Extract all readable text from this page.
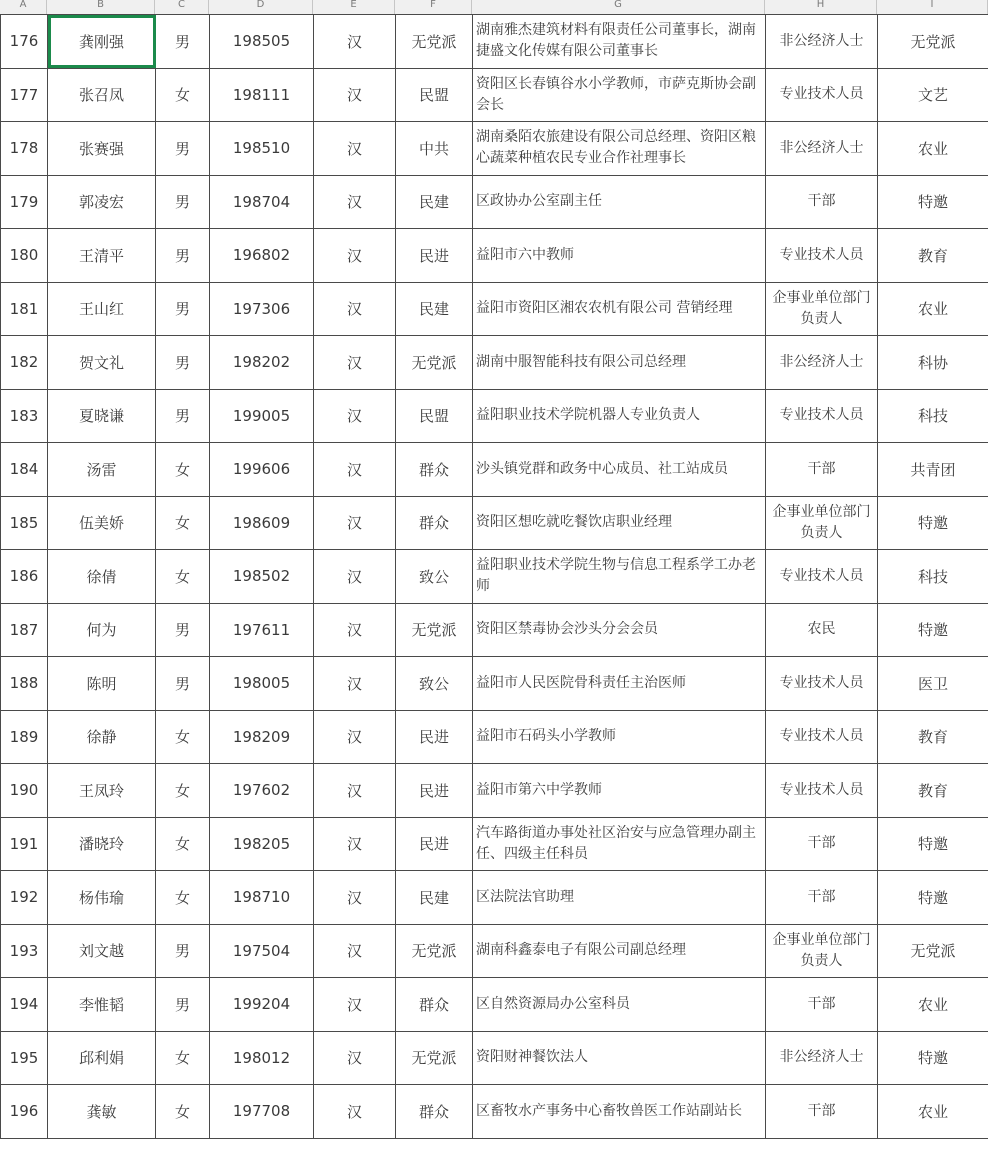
A	B	C	D	E	F	G	H	I
176	龚刚强	男	198505	汉	无党派	湖南雅杰建筑材料有限责任公司董事长，湖南捷盛文化传媒有限公司董事长	非公经济人士	无党派
177	张召凤	女	198111	汉	民盟	资阳区长春镇谷水小学教师，市萨克斯协会副会长	专业技术人员	文艺
178	张赛强	男	198510	汉	中共	湖南桑陌农旅建设有限公司总经理、资阳区粮心蔬菜种植农民专业合作社理事长	非公经济人士	农业
179	郭凌宏	男	198704	汉	民建	区政协办公室副主任	干部	特邀
180	王清平	男	196802	汉	民进	益阳市六中教师	专业技术人员	教育
181	王山红	男	197306	汉	民建	益阳市资阳区湘农农机有限公司 营销经理	企事业单位部门负责人	农业
182	贺文礼	男	198202	汉	无党派	湖南中服智能科技有限公司总经理	非公经济人士	科协
183	夏晓谦	男	199005	汉	民盟	益阳职业技术学院机器人专业负责人	专业技术人员	科技
184	汤雷	女	199606	汉	群众	沙头镇党群和政务中心成员、社工站成员	干部	共青团
185	伍美娇	女	198609	汉	群众	资阳区想吃就吃餐饮店职业经理	企事业单位部门负责人	特邀
186	徐倩	女	198502	汉	致公	益阳职业技术学院生物与信息工程系学工办老师	专业技术人员	科技
187	何为	男	197611	汉	无党派	资阳区禁毒协会沙头分会会员	农民	特邀
188	陈明	男	198005	汉	致公	益阳市人民医院骨科责任主治医师	专业技术人员	医卫
189	徐静	女	198209	汉	民进	益阳市石码头小学教师	专业技术人员	教育
190	王凤玲	女	197602	汉	民进	益阳市第六中学教师	专业技术人员	教育
191	潘晓玲	女	198205	汉	民进	汽车路街道办事处社区治安与应急管理办副主任、四级主任科员	干部	特邀
192	杨伟瑜	女	198710	汉	民建	区法院法官助理	干部	特邀
193	刘文越	男	197504	汉	无党派	湖南科鑫泰电子有限公司副总经理	企事业单位部门负责人	无党派
194	李惟韬	男	199204	汉	群众	区自然资源局办公室科员	干部	农业
195	邱利娟	女	198012	汉	无党派	资阳财神餐饮法人	非公经济人士	特邀
196	龚敏	女	197708	汉	群众	区畜牧水产事务中心畜牧兽医工作站副站长	干部	农业
